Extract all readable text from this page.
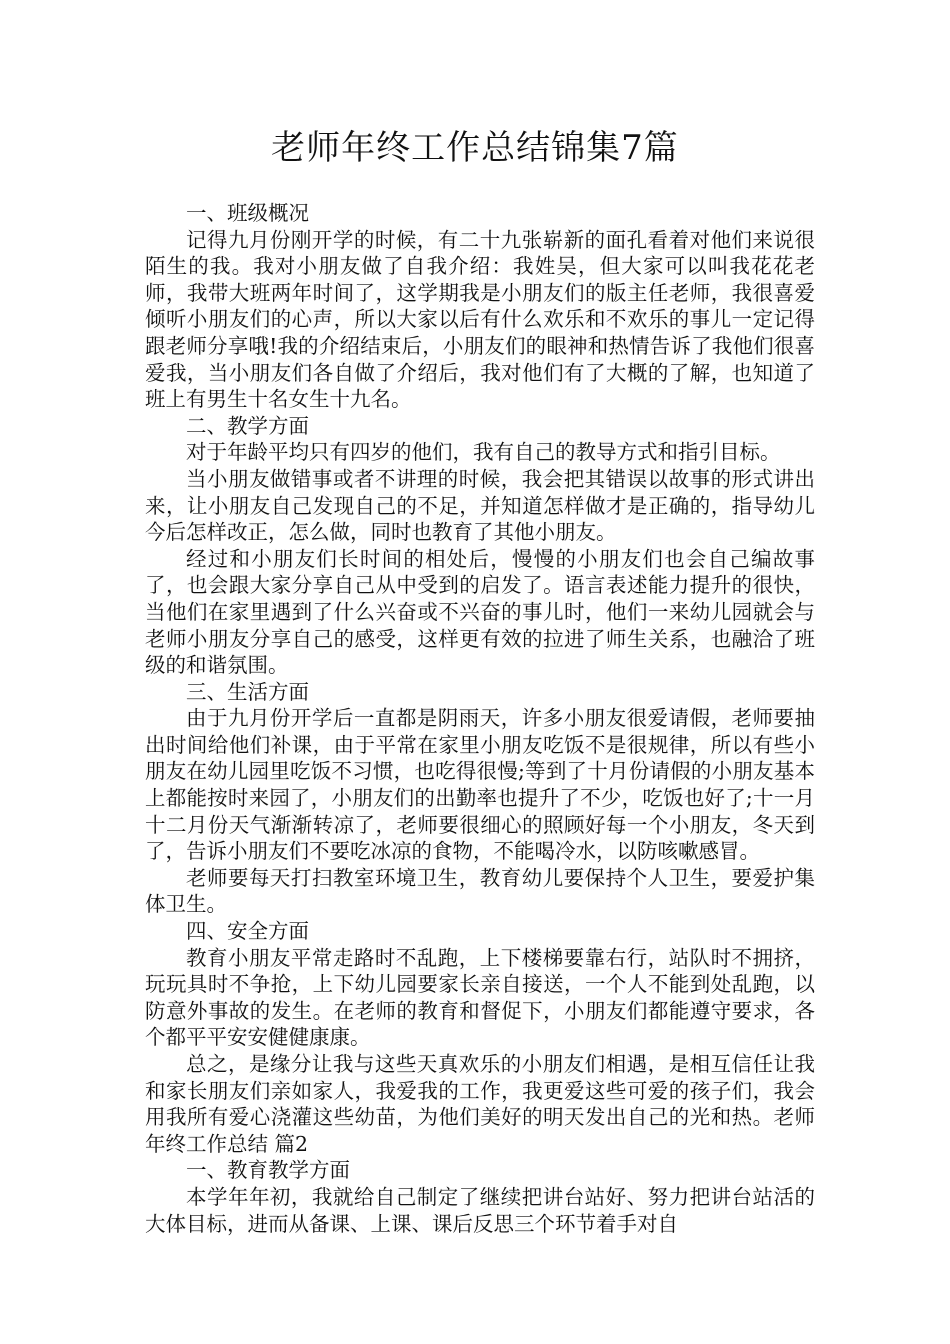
老师年终工作总结锦集7篇

一、班级概况

记得九月份刚开学的时候，有二十九张崭新的面孔看着对他们来说很陌生的我。我对小朋友做了自我介绍：我姓吴，但大家可以叫我花花老师，我带大班两年时间了，这学期我是小朋友们的版主任老师，我很喜爱倾听小朋友们的心声，所以大家以后有什么欢乐和不欢乐的事儿一定记得跟老师分享哦!我的介绍结束后，小朋友们的眼神和热情告诉了我他们很喜爱我，当小朋友们各自做了介绍后，我对他们有了大概的了解，也知道了班上有男生十名女生十九名。

二、教学方面

对于年龄平均只有四岁的他们，我有自己的教导方式和指引目标。

当小朋友做错事或者不讲理的时候，我会把其错误以故事的形式讲出来，让小朋友自己发现自己的不足，并知道怎样做才是正确的，指导幼儿今后怎样改正，怎么做，同时也教育了其他小朋友。

经过和小朋友们长时间的相处后，慢慢的小朋友们也会自己编故事了，也会跟大家分享自己从中受到的启发了。语言表述能力提升的很快，当他们在家里遇到了什么兴奋或不兴奋的事儿时，他们一来幼儿园就会与老师小朋友分享自己的感受，这样更有效的拉进了师生关系，也融洽了班级的和谐氛围。

三、生活方面

由于九月份开学后一直都是阴雨天，许多小朋友很爱请假，老师要抽出时间给他们补课，由于平常在家里小朋友吃饭不是很规律，所以有些小朋友在幼儿园里吃饭不习惯，也吃得很慢;等到了十月份请假的小朋友基本上都能按时来园了，小朋友们的出勤率也提升了不少，吃饭也好了;十一月十二月份天气渐渐转凉了，老师要很细心的照顾好每一个小朋友，冬天到了，告诉小朋友们不要吃冰凉的食物，不能喝冷水，以防咳嗽感冒。

老师要每天打扫教室环境卫生，教育幼儿要保持个人卫生，要爱护集体卫生。

四、安全方面

教育小朋友平常走路时不乱跑，上下楼梯要靠右行，站队时不拥挤，玩玩具时不争抢，上下幼儿园要家长亲自接送，一个人不能到处乱跑，以防意外事故的发生。在老师的教育和督促下，小朋友们都能遵守要求，各个都平平安安健健康康。

总之，是缘分让我与这些天真欢乐的小朋友们相遇，是相互信任让我和家长朋友们亲如家人，我爱我的工作，我更爱这些可爱的孩子们，我会用我所有爱心浇灌这些幼苗，为他们美好的明天发出自己的光和热。老师年终工作总结 篇2

一、教育教学方面

本学年年初，我就给自己制定了继续把讲台站好、努力把讲台站活的大体目标，进而从备课、上课、课后反思三个环节着手对自
